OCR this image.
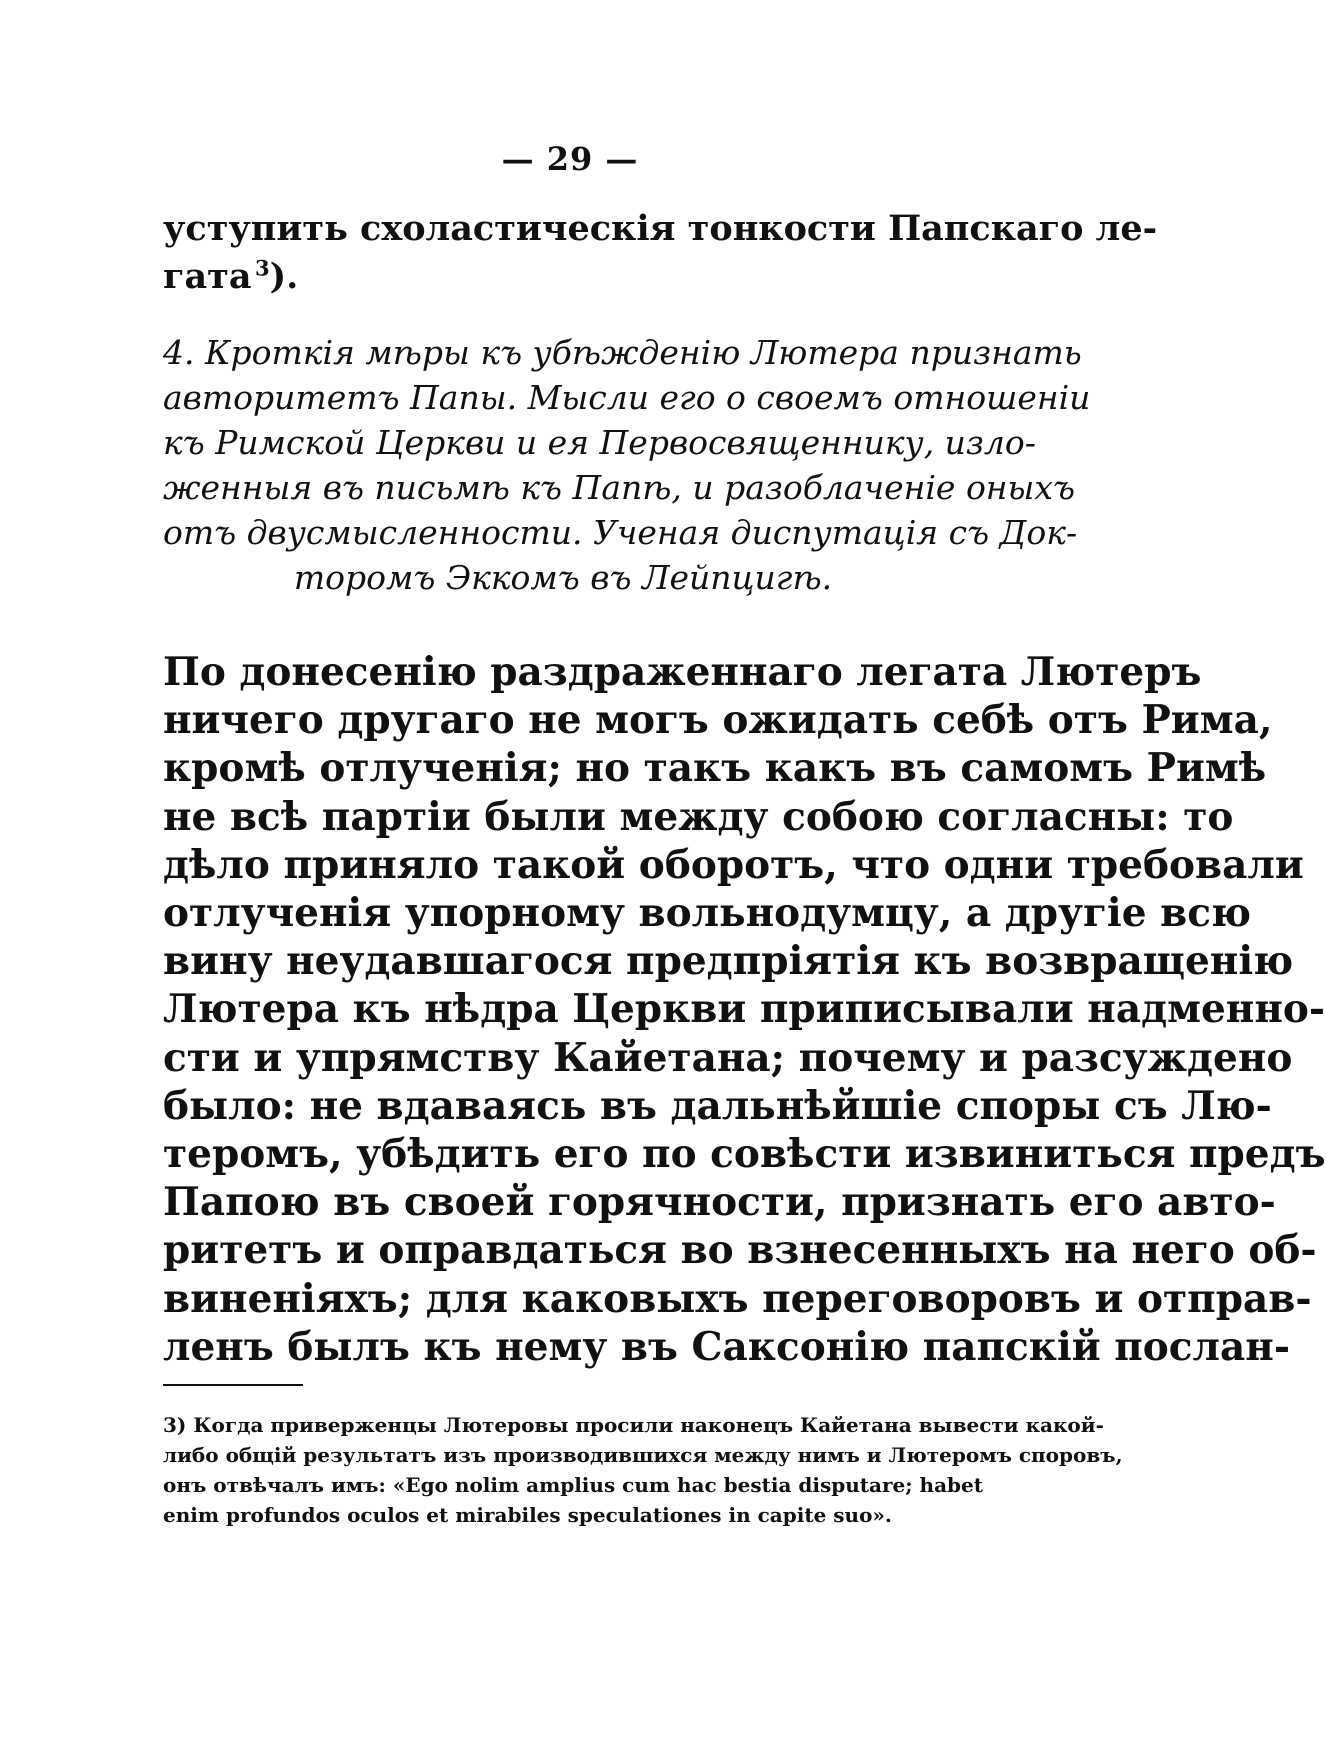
— 29 —
уступить схоластическія тонкости Папскаго ле-
гата  $^3$).
4. Кроткія мѣры къ убѣжденію Лютера признать
авторитетъ Папы. Мысли его о своемъ отношеніи
къ Римской Церкви и ея Первосвященнику, изло-
женныя въ письмѣ къ Папѣ, и разоблаченіе оныхъ
отъ двусмысленности. Ученая диспутація съ Док-
торомъ Эккомъ въ Лейпцигѣ.
По донесенію раздраженнаго легата Лютеръ
ничего другаго не могъ ожидать себѣ отъ Рима,
кромѣ отлученія; но такъ какъ въ самомъ Римѣ
не всѣ партіи были между собою согласны: то
дѣло приняло такой оборотъ, что одни требовали
отлученія упорному вольнодумцу, а другіе всю
вину неудавшагося предпріятія къ возвращенію
Лютера къ нѣдра Церкви приписывали надменно-
сти и упрямству Кайетана; почему и разсуждено
было: не вдаваясь въ дальнѣйшіе споры съ Лю-
теромъ, убѣдить его по совѣсти извиниться предъ
Папою въ своей горячности, признать его авто-
ритетъ и оправдаться во взнесенныхъ на него об-
виненіяхъ; для каковыхъ переговоровъ и отправ-
ленъ былъ къ нему въ Саксонію папскій послан-
3) Когда приверженцы Лютеровы просили наконецъ Кайетана вывести какой-
либо общій результатъ изъ производившихся между нимъ и Лютеромъ споровъ,
онъ отвѣчалъ имъ: «Ego nolim amplius cum hac bestia disputare; habet
enim profundos oculos et mirabiles speculationes in capite suo».
